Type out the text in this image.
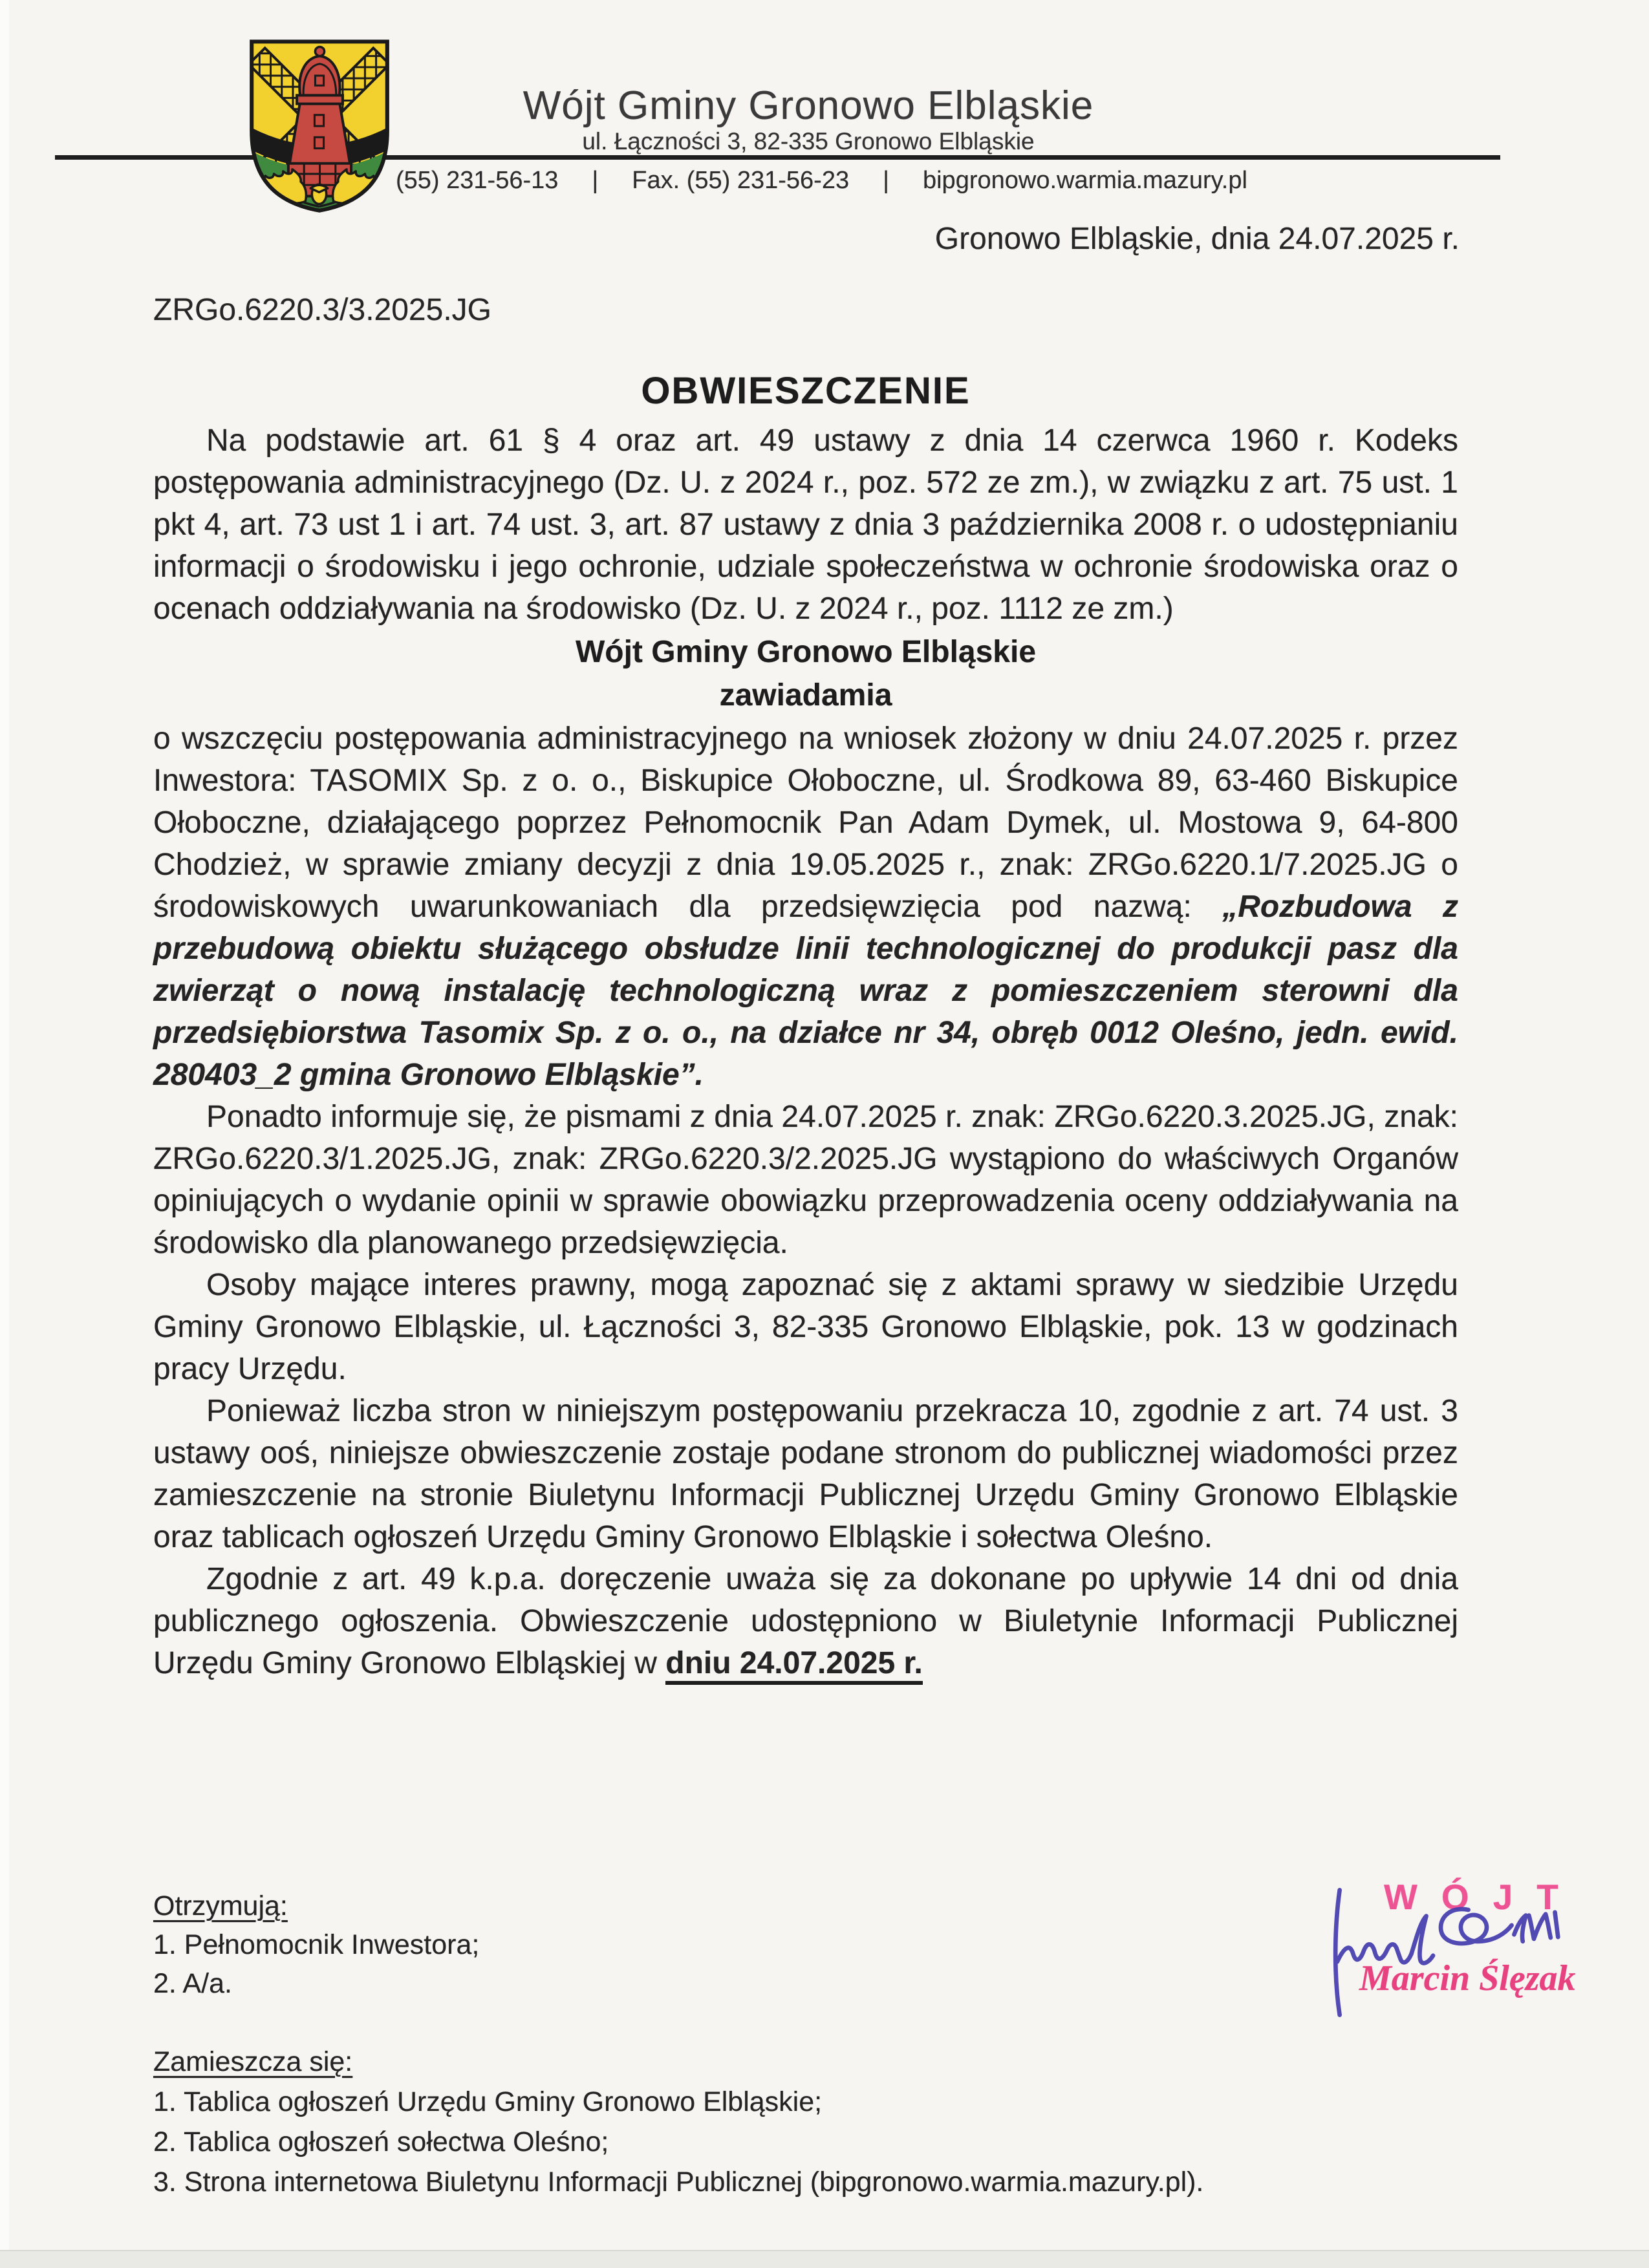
Wójt Gminy Gronowo Elbląskie
ul. Łączności 3, 82-335 Gronowo Elbląskie
(55) 231-56-13	|	Fax. (55) 231-56-23	|	bipgronowo.warmia.mazury.pl
Gronowo Elbląskie, dnia 24.07.2025 r.
ZRGo.6220.3/3.2025.JG
OBWIESZCZENIE

Na podstawie art. 61 § 4 oraz art. 49 ustawy z dnia 14 czerwca 1960 r. Kodeks postępowania administracyjnego (Dz. U. z 2024 r., poz. 572 ze zm.), w związku z art. 75 ust. 1 pkt 4, art. 73 ust 1 i art. 74 ust. 3, art. 87 ustawy z dnia 3 października 2008 r. o udostępnianiu informacji o środowisku i jego ochronie, udziale społeczeństwa w ochronie środowiska oraz o ocenach oddziaływania na środowisko (Dz. U. z 2024 r., poz. 1112 ze zm.)

Wójt Gminy Gronowo Elbląskie
zawiadamia

o wszczęciu postępowania administracyjnego na wniosek złożony w dniu 24.07.2025 r. przez Inwestora: TASOMIX Sp. z o. o., Biskupice Ołoboczne, ul. Środkowa 89, 63-460 Biskupice Ołoboczne, działającego poprzez Pełnomocnik Pan Adam Dymek, ul. Mostowa 9, 64-800 Chodzież, w sprawie zmiany decyzji z dnia 19.05.2025 r., znak: ZRGo.6220.1/7.2025.JG o środowiskowych uwarunkowaniach dla przedsięwzięcia pod nazwą: „Rozbudowa z przebudową obiektu służącego obsłudze linii technologicznej do produkcji pasz dla zwierząt o nową instalację technologiczną wraz z pomieszczeniem sterowni dla przedsiębiorstwa Tasomix Sp. z o. o., na działce nr 34, obręb 0012 Oleśno, jedn. ewid. 280403_2 gmina Gronowo Elbląskie”.

Ponadto informuje się, że pismami z dnia 24.07.2025 r. znak: ZRGo.6220.3.2025.JG, znak: ZRGo.6220.3/1.2025.JG, znak: ZRGo.6220.3/2.2025.JG wystąpiono do właściwych Organów opiniujących o wydanie opinii w sprawie obowiązku przeprowadzenia oceny oddziaływania na środowisko dla planowanego przedsięwzięcia.

Osoby mające interes prawny, mogą zapoznać się z aktami sprawy w siedzibie Urzędu Gminy Gronowo Elbląskie, ul. Łączności 3, 82-335 Gronowo Elbląskie, pok. 13 w godzinach pracy Urzędu.

Ponieważ liczba stron w niniejszym postępowaniu przekracza 10, zgodnie z art. 74 ust. 3 ustawy ooś, niniejsze obwieszczenie zostaje podane stronom do publicznej wiadomości przez zamieszczenie na stronie Biuletynu Informacji Publicznej Urzędu Gminy Gronowo Elbląskie oraz tablicach ogłoszeń Urzędu Gminy Gronowo Elbląskie i sołectwa Oleśno.

Zgodnie z art. 49 k.p.a. doręczenie uważa się za dokonane po upływie 14 dni od dnia publicznego ogłoszenia. Obwieszczenie udostępniono w Biuletynie Informacji Publicznej Urzędu Gminy Gronowo Elbląskiej w dniu 24.07.2025 r.

Otrzymują:
1. Pełnomocnik Inwestora;
2. A/a.
Zamieszcza się:
1. Tablica ogłoszeń Urzędu Gminy Gronowo Elbląskie;
2. Tablica ogłoszeń sołectwa Oleśno;
3. Strona internetowa Biuletynu Informacji Publicznej (bipgronowo.warmia.mazury.pl).
WÓJT
Marcin Ślęzak
